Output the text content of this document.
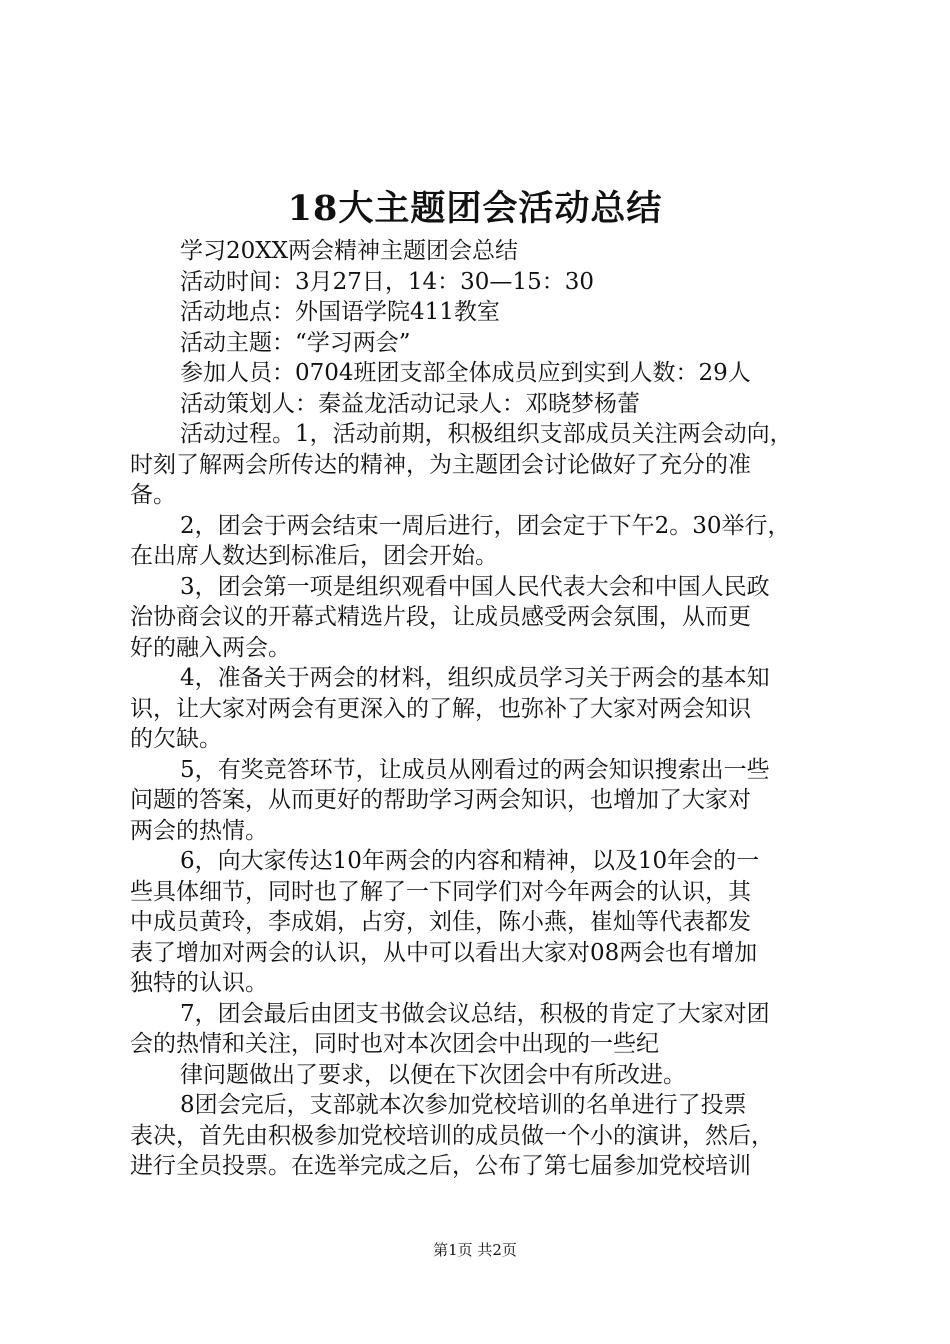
18大主题团会活动总结
学习20XX两会精神主题团会总结
活动时间：3月27日，14：30—15：30
活动地点：外国语学院411教室
活动主题：“学习两会”
参加人员：0704班团支部全体成员应到实到人数：29人
活动策划人：秦益龙活动记录人：邓晓梦杨蕾
活动过程。1，活动前期，积极组织支部成员关注两会动向，
时刻了解两会所传达的精神，为主题团会讨论做好了充分的准
备。
2，团会于两会结束一周后进行，团会定于下午2。30举行，
在出席人数达到标准后，团会开始。
3，团会第一项是组织观看中国人民代表大会和中国人民政
治协商会议的开幕式精选片段，让成员感受两会氛围，从而更
好的融入两会。
4，准备关于两会的材料，组织成员学习关于两会的基本知
识，让大家对两会有更深入的了解，也弥补了大家对两会知识
的欠缺。
5，有奖竞答环节，让成员从刚看过的两会知识搜索出一些
问题的答案，从而更好的帮助学习两会知识，也增加了大家对
两会的热情。
6，向大家传达10年两会的内容和精神，以及10年会的一
些具体细节，同时也了解了一下同学们对今年两会的认识，其
中成员黄玲，李成娟，占穷，刘佳，陈小燕，崔灿等代表都发
表了增加对两会的认识，从中可以看出大家对08两会也有增加
独特的认识。
7，团会最后由团支书做会议总结，积极的肯定了大家对团
会的热情和关注，同时也对本次团会中出现的一些纪
律问题做出了要求，以便在下次团会中有所改进。
8团会完后，支部就本次参加党校培训的名单进行了投票
表决，首先由积极参加党校培训的成员做一个小的演讲，然后，
进行全员投票。在选举完成之后，公布了第七届参加党校培训
第1页 共2页
